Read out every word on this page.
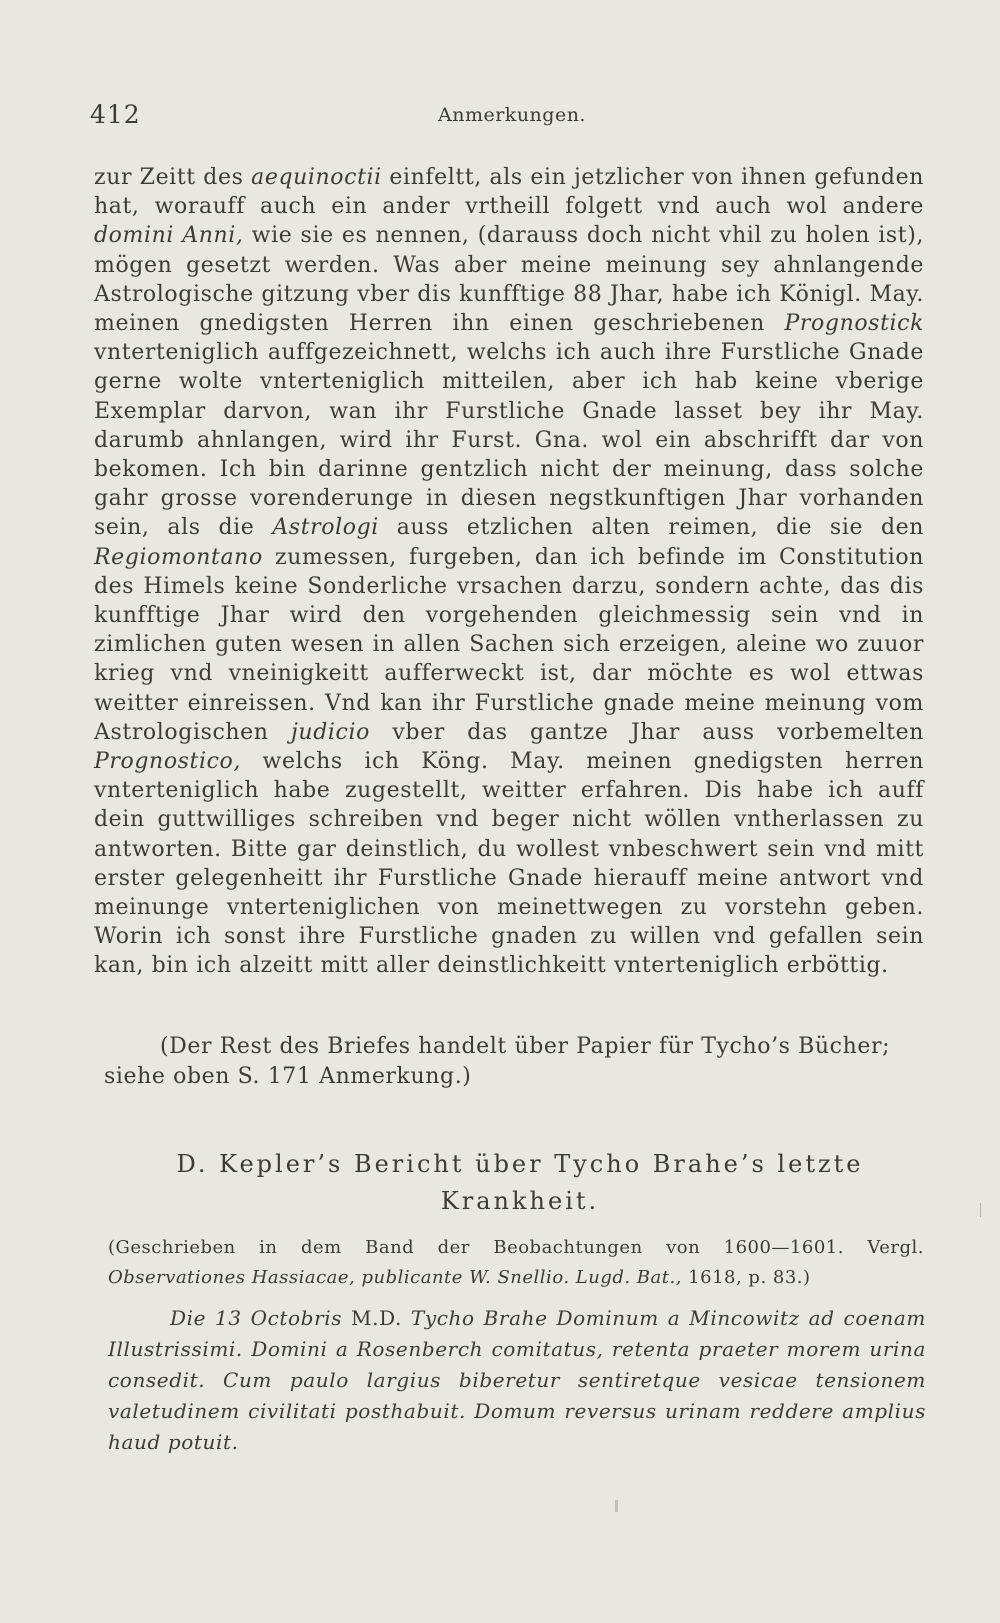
412	Anmerkungen.

zur Zeitt des aequinoctii einfeltt, als ein jetzlicher von ihnen gefunden hat, worauff auch ein ander vrtheill folgett vnd auch wol andere domini Anni, wie sie es nennen, (darauss doch nicht vhil zu holen ist), mögen gesetzt werden. Was aber meine meinung sey ahnlangende Astrologische gitzung vber dis kunfftige 88 Jhar, habe ich Königl. May. meinen gnedigsten Herren ihn einen geschriebenen Prognostick vnterteniglich auffgezeichnett, welchs ich auch ihre Furstliche Gnade gerne wolte vnterteniglich mitteilen, aber ich hab keine vberige Exemplar darvon, wan ihr Furstliche Gnade lasset bey ihr May. darumb ahnlangen, wird ihr Furst. Gna. wol ein abschrifft dar von bekomen. Ich bin darinne gentzlich nicht der meinung, dass solche gahr grosse vorenderunge in diesen negstkunftigen Jhar vorhanden sein, als die Astrologi auss etzlichen alten reimen, die sie den Regiomontano zumessen, furgeben, dan ich befinde im Constitution des Himels keine Sonderliche vrsachen darzu, sondern achte, das dis kunfftige Jhar wird den vorgehenden gleichmessig sein vnd in zimlichen guten wesen in allen Sachen sich erzeigen, aleine wo zuuor krieg vnd vneinigkeitt aufferweckt ist, dar möchte es wol ettwas weitter einreissen. Vnd kan ihr Furstliche gnade meine meinung vom Astrologischen judicio vber das gantze Jhar auss vorbemelten Prognostico, welchs ich Köng. May. meinen gnedigsten herren vnterteniglich habe zugestellt, weitter erfahren. Dis habe ich auff dein guttwilliges schreiben vnd beger nicht wöllen vntherlassen zu antworten. Bitte gar deinstlich, du wollest vnbeschwert sein vnd mitt erster gelegenheitt ihr Furstliche Gnade hierauff meine antwort vnd meinunge vnterteniglichen von meinettwegen zu vorstehn geben. Worin ich sonst ihre Furstliche gnaden zu willen vnd gefallen sein kan, bin ich alzeitt mitt aller deinstlichkeitt vnterteniglich erböttig.

(Der Rest des Briefes handelt über Papier für Tycho’s Bücher; siehe oben S. 171 Anmerkung.)

D. Kepler’s Bericht über Tycho Brahe’s letzte
Krankheit.

(Geschrieben in dem Band der Beobachtungen von 1600—1601. Vergl. Observationes Hassiacae, publicante W. Snellio. Lugd. Bat., 1618, p. 83.)

Die 13 Octobris M.D. Tycho Brahe Dominum a Mincowitz ad coenam Illustrissimi. Domini a Rosenberch comitatus, retenta praeter morem urina consedit. Cum paulo largius biberetur sentiretque vesicae tensionem valetudinem civilitati posthabuit. Domum reversus urinam reddere amplius haud potuit.
